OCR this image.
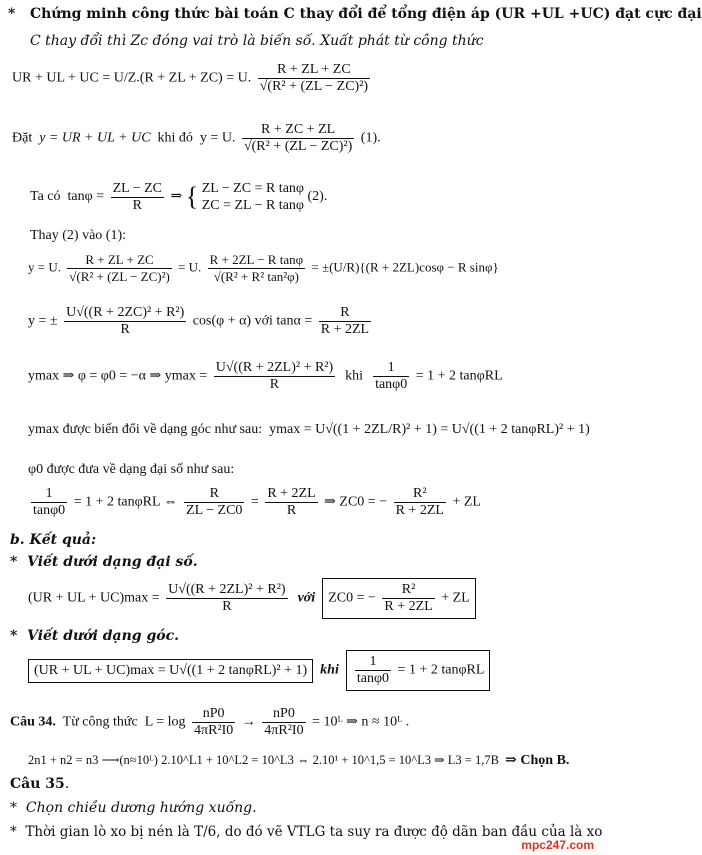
* Chứng minh công thức bài toán C thay đổi để tổng điện áp (UR +UL +UC) đạt cực đại
C thay đổi thì Zc đóng vai trò là biến số. Xuất phát từ công thức
UR + UL + UC = U/Z.(R + ZL + ZC) = U. $\frac{R + ZL + ZC}{\text{√(R² + (ZL − ZC)²)}}$
Đặt y = UR + UL + UC khi đó y = U. $\frac{R + ZC + ZL}{\text{√(R² + (ZL − ZC)²)}} (1)$.
Ta có $\tan\varphi = \frac{ZL - ZC}{R}$ ⇒ { ZL − ZC = R tanφ
ZC = ZL − R tanφ
(2).
Thay (2) vào (1):
y = U. $\frac{R + ZL + ZC}{\text{√(R² + (ZL − ZC)²)}} = U$. $\frac{\text{R + 2ZL − R tanφ}}{\text{√(R² + R² tan²φ)}} = \pm(U/R)\{(R + 2ZL)\cos\varphi - R$ sinφ}
y = ± $\frac{\text{U√((R + 2ZC)² + R²)}}{R} \cos(\varphi + \alpha)$ với $\tan\alpha = \frac{R}{R + 2ZL}$
ymax ⇒ φ = φ0 = −α ⇒ $ymax = \frac{\text{U√((R + 2ZL)² + R²)}}{R}$ khi $\frac{1}{\tan\varphi 0} = 1 + 2$ tanφRL
ymax được biến đổi về dạng góc như sau: ymax = U√((1 + 2ZL/R)² + 1) = U√((1 + 2 tanφRL)² + 1)
φ0 được đưa về dạng đại số như sau:
$\frac{1}{\tan\varphi 0} = 1 + 2$ tanφRL ⇔ $\frac{R}{ZL - ZC0} = \frac{R + 2ZL}{R}$ ⇒ ZC0 = − $\frac{\text{R²}}{R + 2ZL}$ + ZL
b. Kết quả:
* Viết dưới dạng đại số.
(UR + UL + $UC)\max = \frac{\text{U√((R + 2ZL)² + R²)}}{R}$ với ZC0 = − $\frac{\text{R²}}{R + 2ZL}$ + ZL
* Viết dưới dạng góc.
(UR + UL + UC)max = U√((1 + 2 tanφRL)² + 1) khi $\frac{1}{\tan\varphi 0} = 1 + 2$ tanφRL
Câu 34. Từ công thức $L = \log \frac{nP0}{\text{4πR²I0}} \to \frac{nP0}{\text{4πR²I0}}$ = 10ᴸ ⇒ n ≈ 10ᴸ .
2n1 + n2 = n3 ⟶(n≈10ᴸ) 2.10^L1 + 10^L2 = 10^L3 ⇔ 2.10¹ + 10^1,5 = 10^L3 ⇒ L3 = 1,7B ⇒ Chọn B.
Câu 35.
* Chọn chiều dương hướng xuống.
* Thời gian lò xo bị nén là T/6, do đó vẽ VTLG ta suy ra được độ dãn ban đầu của là xo
mpc247.com
